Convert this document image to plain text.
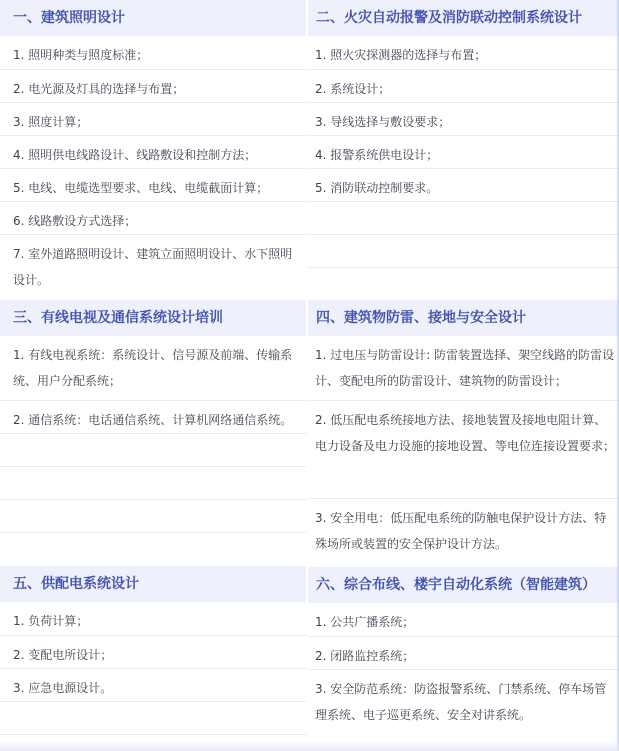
一、建筑照明设计
1. 照明种类与照度标准；
2. 电光源及灯具的选择与布置；
3. 照度计算；
4. 照明供电线路设计、线路敷设和控制方法；
5. 电线、电缆选型要求、电线、电缆截面计算；
6. 线路敷设方式选择；
7. 室外道路照明设计、建筑立面照明设计、水下照明设计。
三、有线电视及通信系统设计培训
1. 有线电视系统：系统设计、信号源及前端、传输系统、用户分配系统；
2. 通信系统：电话通信系统、计算机网络通信系统。
五、供配电系统设计
1. 负荷计算；
2. 变配电所设计；
3. 应急电源设计。
二、火灾自动报警及消防联动控制系统设计
1. 照火灾探测器的选择与布置；
2. 系统设计；
3. 导线选择与敷设要求；
4. 报警系统供电设计；
5. 消防联动控制要求。
四、建筑物防雷、接地与安全设计
1. 过电压与防雷设计: 防雷装置选择、架空线路的防雷设计、变配电所的防雷设计、建筑物的防雷设计；
2. 低压配电系统接地方法、接地装置及接地电阻计算、电力设备及电力设施的接地设置、等电位连接设置要求；
3. 安全用电：低压配电系统的防触电保护设计方法、特殊场所或装置的安全保护设计方法。
六、综合布线、楼宇自动化系统（智能建筑）
1. 公共广播系统；
2. 闭路监控系统；
3. 安全防范系统：防盗报警系统、门禁系统、停车场管理系统、电子巡更系统、安全对讲系统。
